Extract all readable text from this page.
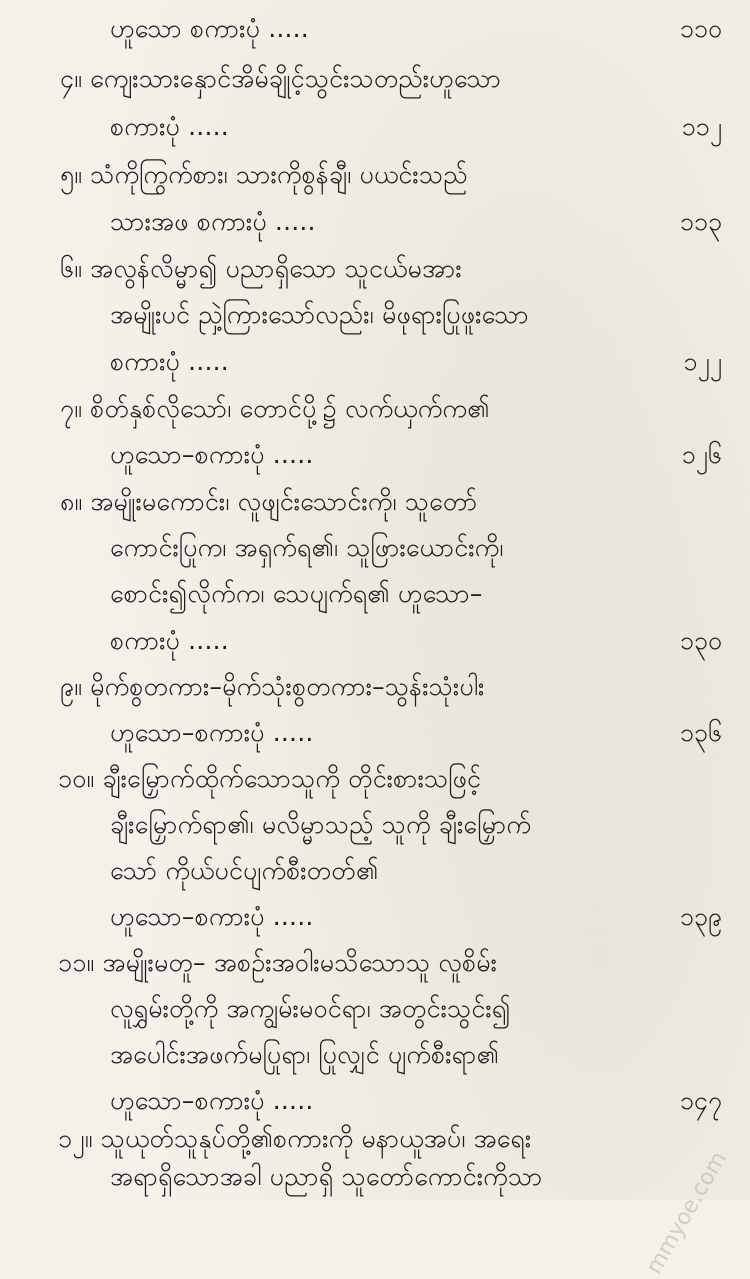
ဟူသော စကားပုံ .....	၁၁၀
၄။ ကျေးသားနှောင်အိမ်ချိုင့်သွင်းသတည်းဟူသော
စကားပုံ .....	၁၁၂
၅။ သံကိုကြွက်စား၊ သားကိုစွန်ချီ၊ ပယင်းသည်
သားအဖ စကားပုံ .....	၁၁၃
၆။ အလွန်လိမ္မာ၍ ပညာရှိသော သူငယ်မအား
အမျိုးပင် ညှဲ့ကြားသော်လည်း၊ မိဖုရားပြုဖူးသော
စကားပုံ .....	၁၂၂
၇။ စိတ်နှစ်လိုသော်၊ တောင်ပို့၌ လက်ယှက်က၏
ဟူသော–စကားပုံ .....	၁၂၆
၈။ အမျိုးမကောင်း၊ လူဖျင်းသောင်းကို၊ သူတော်
ကောင်းပြုက၊ အရှက်ရ၏၊ သူဖြားယောင်းကို၊
စောင်း၍လိုက်က၊ သေပျက်ရ၏ ဟူသော–
စကားပုံ .....	၁၃၀
၉။ မိုက်စွတကား–မိုက်သုံးစွတကား–သွန်းသုံးပါး
ဟူသော–စကားပုံ .....	၁၃၆
၁၀။ ချီးမြှောက်ထိုက်သောသူကို တိုင်းစားသဖြင့်
ချီးမြှောက်ရာ၏၊ မလိမ္မာသည့် သူကို ချီးမြှောက်
သော် ကိုယ်ပင်ပျက်စီးတတ်၏
ဟူသော–စကားပုံ .....	၁၃၉
၁၁။ အမျိုးမတူ– အစဉ်းအဝါးမသိသောသူ လူစိမ်း
လူရွှမ်းတို့ကို အကျွမ်းမဝင်ရာ၊ အတွင်းသွင်း၍
အပေါင်းအဖက်မပြုရာ၊ ပြုလျှင် ပျက်စီးရာ၏
ဟူသော–စကားပုံ .....	၁၄၇
၁၂။ သူယုတ်သူနုပ်တို့၏စကားကို မနာယူအပ်၊ အရေး
အရာရှိသောအခါ ပညာရှိ သူတော်ကောင်းကိုသာ	mmyoe.com
